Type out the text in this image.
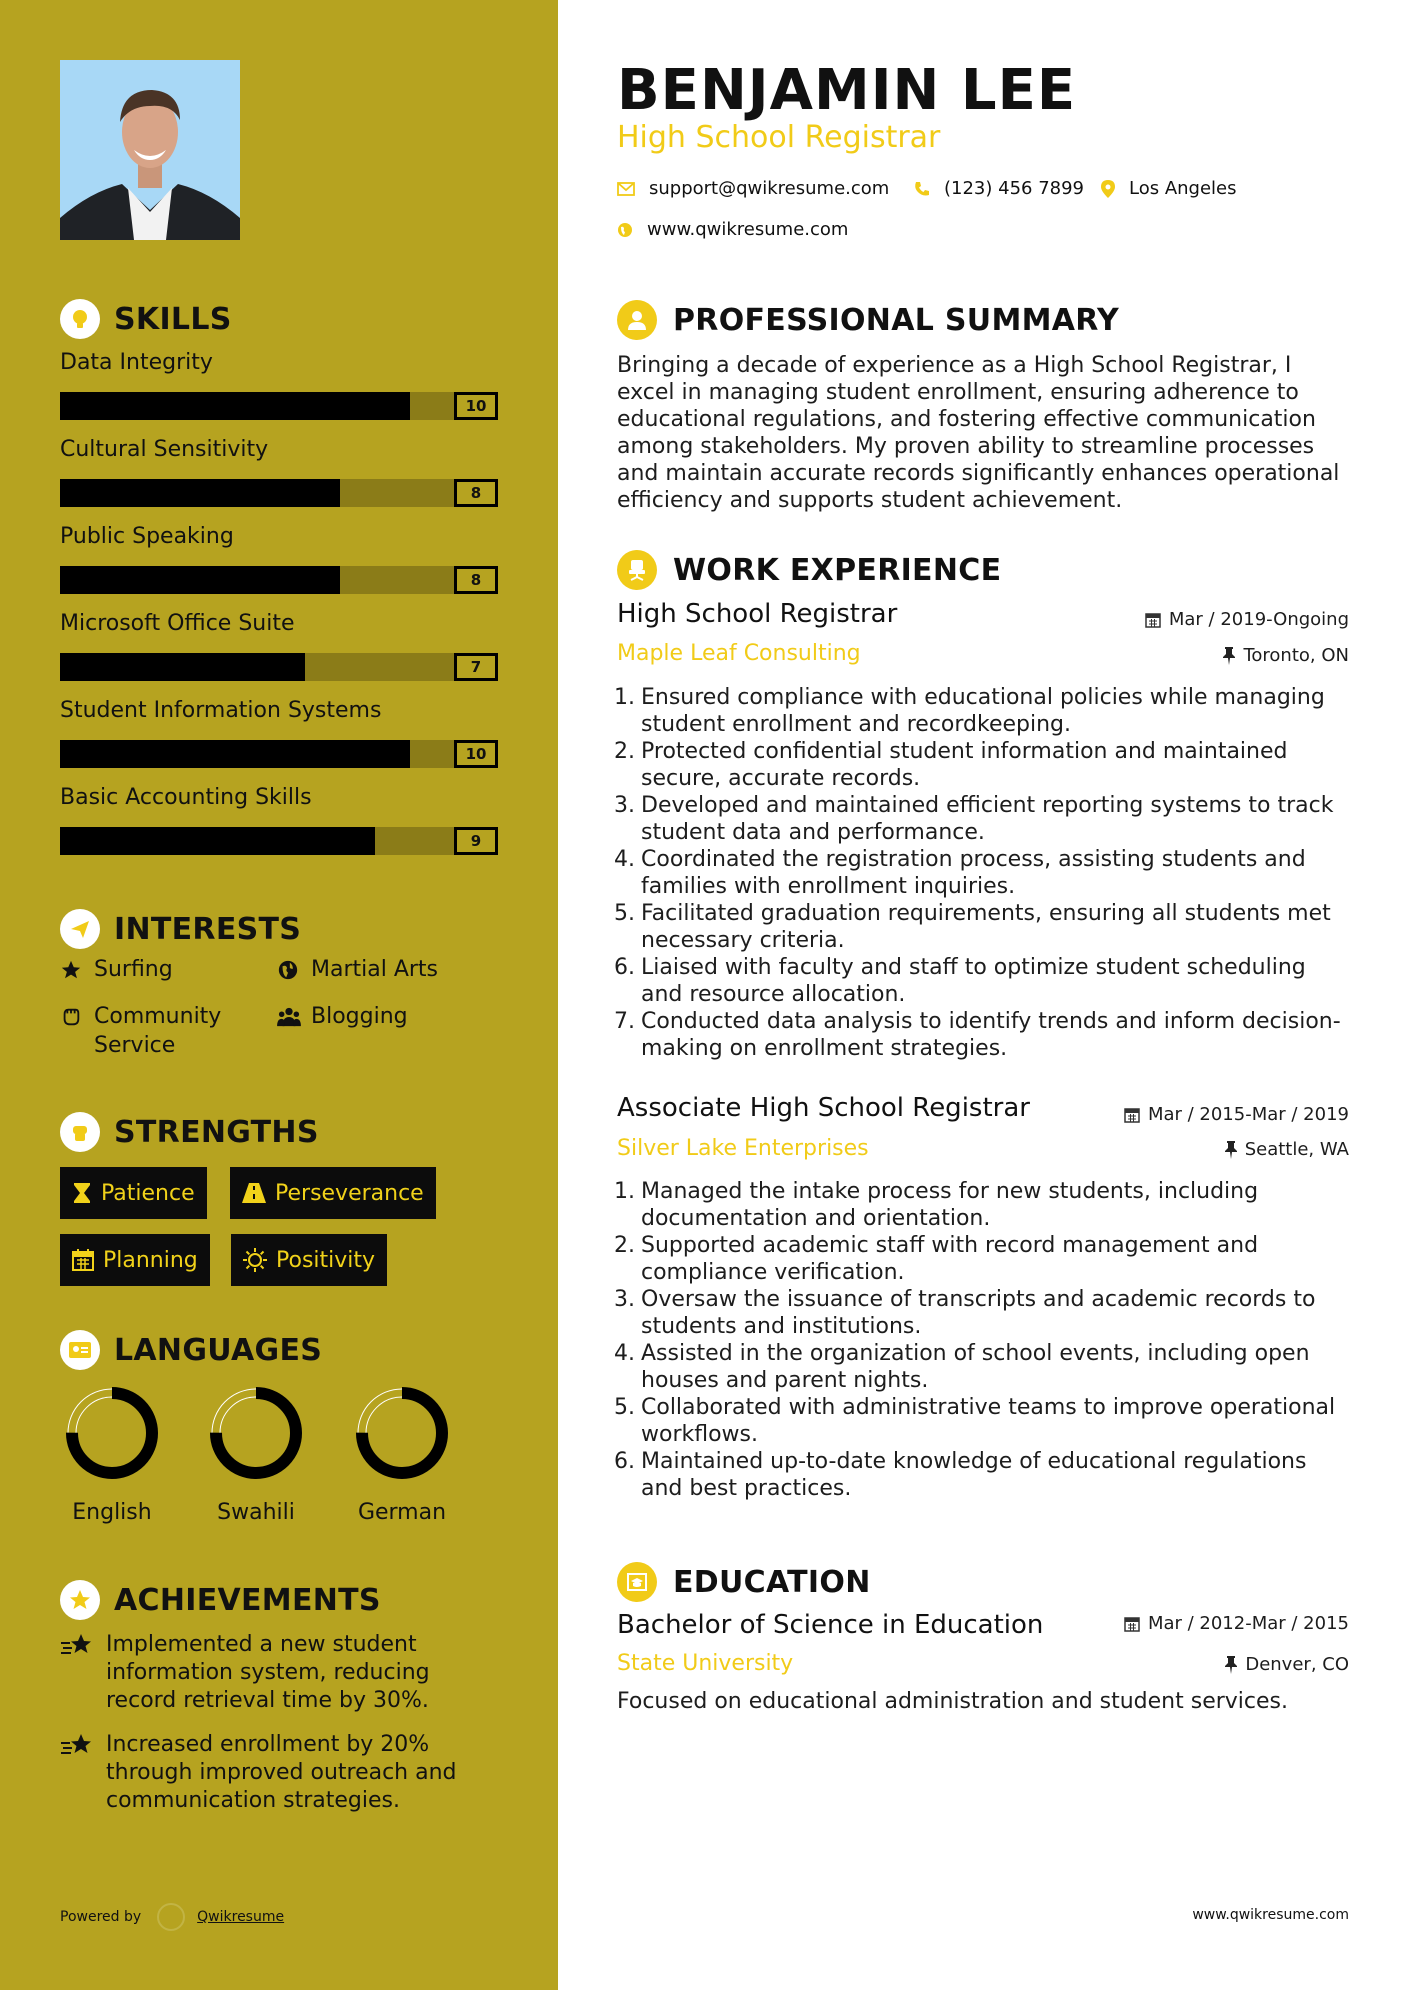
SKILLS
Data Integrity
10
Cultural Sensitivity
8
Public Speaking
8
Microsoft Office Suite
7
Student Information Systems
10
Basic Accounting Skills
9
INTERESTS
Surfing	Martial Arts
Community Service
Blogging
STRENGTHS
Patience	Perseverance
Planning	Positivity
LANGUAGES
English	Swahili	German
ACHIEVEMENTS
Implemented a new student information system, reducing record retrieval time by 30%.
Increased enrollment by 20% through improved outreach and communication strategies.
Powered by	Qwikresume
BENJAMIN LEE
High School Registrar
support@qwikresume.com	(123) 456 7899 Los Angeles
www.qwikresume.com
PROFESSIONAL SUMMARY
Bringing a decade of experience as a High School Registrar, I excel in managing student enrollment, ensuring adherence to educational regulations, and fostering effective communication among stakeholders. My proven ability to streamline processes and maintain accurate records significantly enhances operational efficiency and supports student achievement.
WORK EXPERIENCE
High School Registrar
Maple Leaf Consulting
Mar / 2019-Ongoing
Toronto, ON
1. Ensured compliance with educational policies while managing student enrollment and recordkeeping.
2. Protected confidential student information and maintained secure, accurate records.
3. Developed and maintained efficient reporting systems to track student data and performance.
4. Coordinated the registration process, assisting students and families with enrollment inquiries.
5. Facilitated graduation requirements, ensuring all students met necessary criteria.
6. Liaised with faculty and staff to optimize student scheduling and resource allocation.
7. Conducted data analysis to identify trends and inform decision-making on enrollment strategies.
Associate High School Registrar
Silver Lake Enterprises
Mar / 2015-Mar / 2019
Seattle, WA
1. Managed the intake process for new students, including documentation and orientation.
2. Supported academic staff with record management and compliance verification.
3. Oversaw the issuance of transcripts and academic records to students and institutions.
4. Assisted in the organization of school events, including open houses and parent nights.
5. Collaborated with administrative teams to improve operational workflows.
6. Maintained up-to-date knowledge of educational regulations and best practices.
EDUCATION
Bachelor of Science in Education
State University
Mar / 2012-Mar / 2015
Denver, CO
Focused on educational administration and student services.
www.qwikresume.com
